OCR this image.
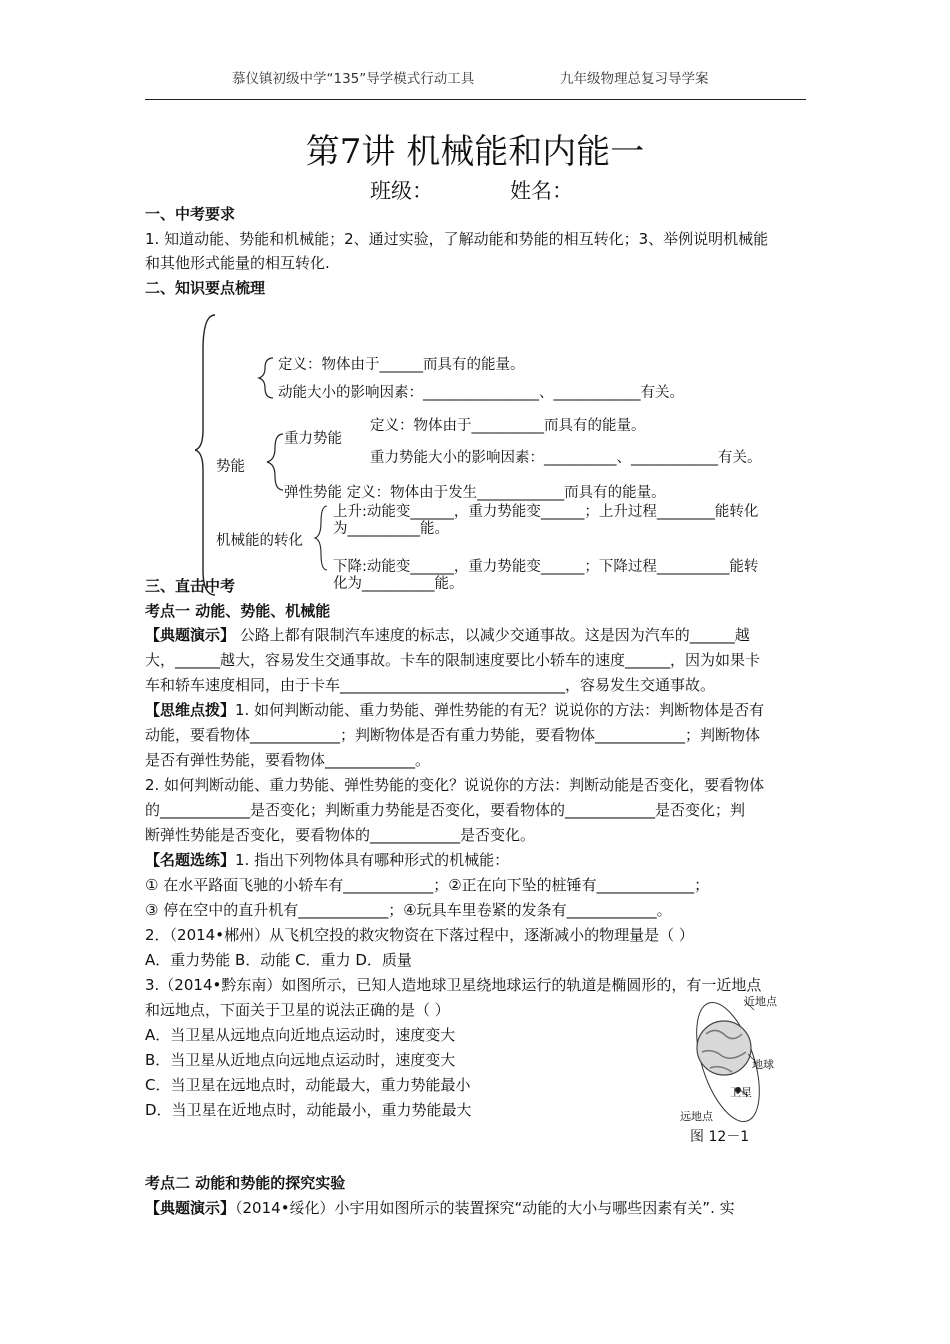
慕仪镇初级中学“135”导学模式行动工具	九年级物理总复习导学案
第7讲 机械能和内能一
班级：	姓名：
一、中考要求
1. 知道动能、势能和机械能；2、通过实验，了解动能和势能的相互转化；3、举例说明机械能
和其他形式能量的相互转化.
二、知识要点梳理
定义：物体由于______而具有的能量。
动能大小的影响因素：________________、____________有关。
重力势能
定义：物体由于__________而具有的能量。
重力势能大小的影响因素：__________、____________有关。
势能
弹性势能 定义：物体由于发生____________而具有的能量。
机械能的转化
上升:动能变______，重力势能变______；上升过程________能转化
为__________能。
下降:动能变______，重力势能变______；下降过程__________能转
化为__________能。
三、直击中考
考点一 动能、势能、机械能
【典题演示】 公路上都有限制汽车速度的标志，以减少交通事故。这是因为汽车的______越
大，______越大，容易发生交通事故。卡车的限制速度要比小轿车的速度______，因为如果卡
车和轿车速度相同，由于卡车______________________________，容易发生交通事故。
【思维点拨】1. 如何判断动能、重力势能、弹性势能的有无？说说你的方法：判断物体是否有
动能，要看物体____________；判断物体是否有重力势能，要看物体____________；判断物体
是否有弹性势能，要看物体____________。
2. 如何判断动能、重力势能、弹性势能的变化？说说你的方法：判断动能是否变化，要看物体
的____________是否变化；判断重力势能是否变化，要看物体的____________是否变化；判
断弹性势能是否变化，要看物体的____________是否变化。
【名题选练】1. 指出下列物体具有哪种形式的机械能：
① 在水平路面飞驰的小轿车有____________；②正在向下坠的桩锤有_____________；
③ 停在空中的直升机有____________；④玩具车里卷紧的发条有____________。
2．（2014•郴州）从飞机空投的救灾物资在下落过程中，逐渐减小的物理量是（ ）
A．重力势能 B．动能 C．重力 D．质量
3.（2014•黔东南）如图所示，已知人造地球卫星绕地球运行的轨道是椭圆形的，有一近地点
和远地点，下面关于卫星的说法正确的是（ ）
A．当卫星从远地点向近地点运动时，速度变大
B．当卫星从近地点向远地点运动时，速度变大
C．当卫星在远地点时，动能最大，重力势能最小
D．当卫星在近地点时，动能最小，重力势能最大
近地点
地球
卫星
远地点
图 12－1
考点二 动能和势能的探究实验
【典题演示】（2014•绥化）小宇用如图所示的装置探究“动能的大小与哪些因素有关”. 实
